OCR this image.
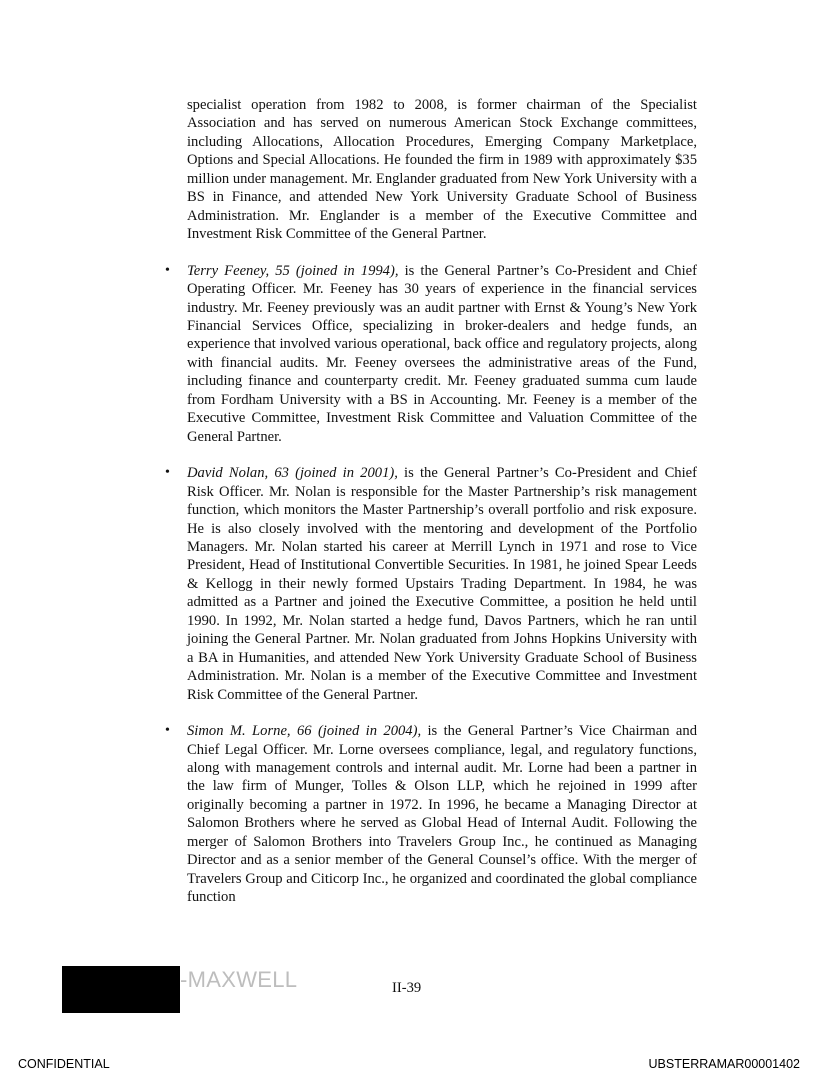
specialist operation from 1982 to 2008, is former chairman of the Specialist Association and has served on numerous American Stock Exchange committees, including Allocations, Allocation Procedures, Emerging Company Marketplace, Options and Special Allocations. He founded the firm in 1989 with approximately $35 million under management. Mr. Englander graduated from New York University with a BS in Finance, and attended New York University Graduate School of Business Administration. Mr. Englander is a member of the Executive Committee and Investment Risk Committee of the General Partner.

• Terry Feeney, 55 (joined in 1994), is the General Partner’s Co-President and Chief Operating Officer. Mr. Feeney has 30 years of experience in the financial services industry. Mr. Feeney previously was an audit partner with Ernst & Young’s New York Financial Services Office, specializing in broker-dealers and hedge funds, an experience that involved various operational, back office and regulatory projects, along with financial audits. Mr. Feeney oversees the administrative areas of the Fund, including finance and counterparty credit. Mr. Feeney graduated summa cum laude from Fordham University with a BS in Accounting. Mr. Feeney is a member of the Executive Committee, Investment Risk Committee and Valuation Committee of the General Partner.
• David Nolan, 63 (joined in 2001), is the General Partner’s Co-President and Chief Risk Officer. Mr. Nolan is responsible for the Master Partnership’s risk management function, which monitors the Master Partnership’s overall portfolio and risk exposure. He is also closely involved with the mentoring and development of the Portfolio Managers. Mr. Nolan started his career at Merrill Lynch in 1971 and rose to Vice President, Head of Institutional Convertible Securities. In 1981, he joined Spear Leeds & Kellogg in their newly formed Upstairs Trading Department. In 1984, he was admitted as a Partner and joined the Executive Committee, a position he held until 1990. In 1992, Mr. Nolan started a hedge fund, Davos Partners, which he ran until joining the General Partner. Mr. Nolan graduated from Johns Hopkins University with a BA in Humanities, and attended New York University Graduate School of Business Administration. Mr. Nolan is a member of the Executive Committee and Investment Risk Committee of the General Partner.
• Simon M. Lorne, 66 (joined in 2004), is the General Partner’s Vice Chairman and Chief Legal Officer. Mr. Lorne oversees compliance, legal, and regulatory functions, along with management controls and internal audit. Mr. Lorne had been a partner in the law firm of Munger, Tolles & Olson LLP, which he rejoined in 1999 after originally becoming a partner in 1972. In 1996, he became a Managing Director at Salomon Brothers where he served as Global Head of Internal Audit. Following the merger of Salomon Brothers into Travelers Group Inc., he continued as Managing Director and as a senior member of the General Counsel’s office. With the merger of Travelers Group and Citicorp Inc., he organized and coordinated the global compliance function
-MAXWELL	II-39
CONFIDENTIAL	UBSTERRAMAR00001402
